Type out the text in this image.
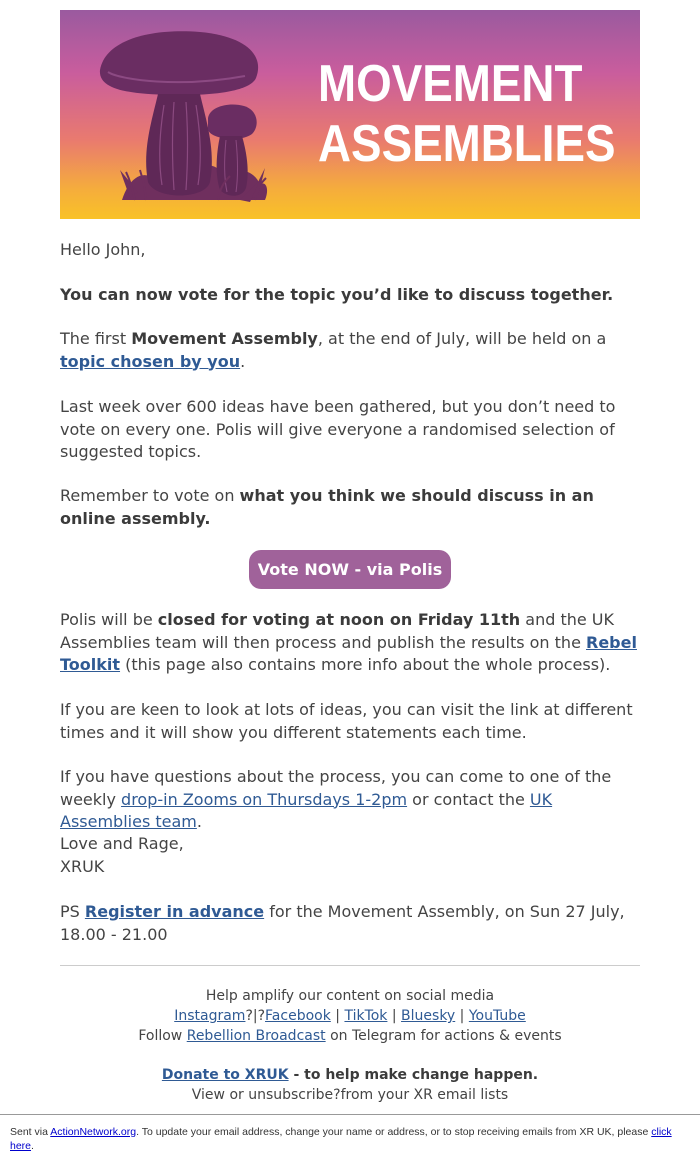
MOVEMENT
ASSEMBLIES

Hello John,

You can now vote for the topic you’d like to discuss together.

The first Movement Assembly, at the end of July, will be held on a topic chosen by you.

Last week over 600 ideas have been gathered, but you don’t need to vote on every one. Polis will give everyone a randomised selection of suggested topics.

Remember to vote on what you think we should discuss in an online assembly.

Vote NOW - via Polis

Polis will be closed for voting at noon on Friday 11th and the UK Assemblies team will then process and publish the results on the Rebel Toolkit (this page also contains more info about the whole process).

If you are keen to look at lots of ideas, you can visit the link at different times and it will show you different statements each time.

If you have questions about the process, you can come to one of the weekly drop-in Zooms on Thursdays 1-2pm or contact the UK Assemblies team.

Love and Rage,

XRUK

PS Register in advance for the Movement Assembly, on Sun 27 July, 18.00 - 21.00

Help amplify our content on social media
Instagram?|?Facebook | TikTok | Bluesky | YouTube
Follow Rebellion Broadcast on Telegram for actions & events
Donate to XRUK - to help make change happen.
View or unsubscribe?from your XR email lists
Sent via ActionNetwork.org. To update your email address, change your name or address, or to stop receiving emails from XR UK, please click here.
